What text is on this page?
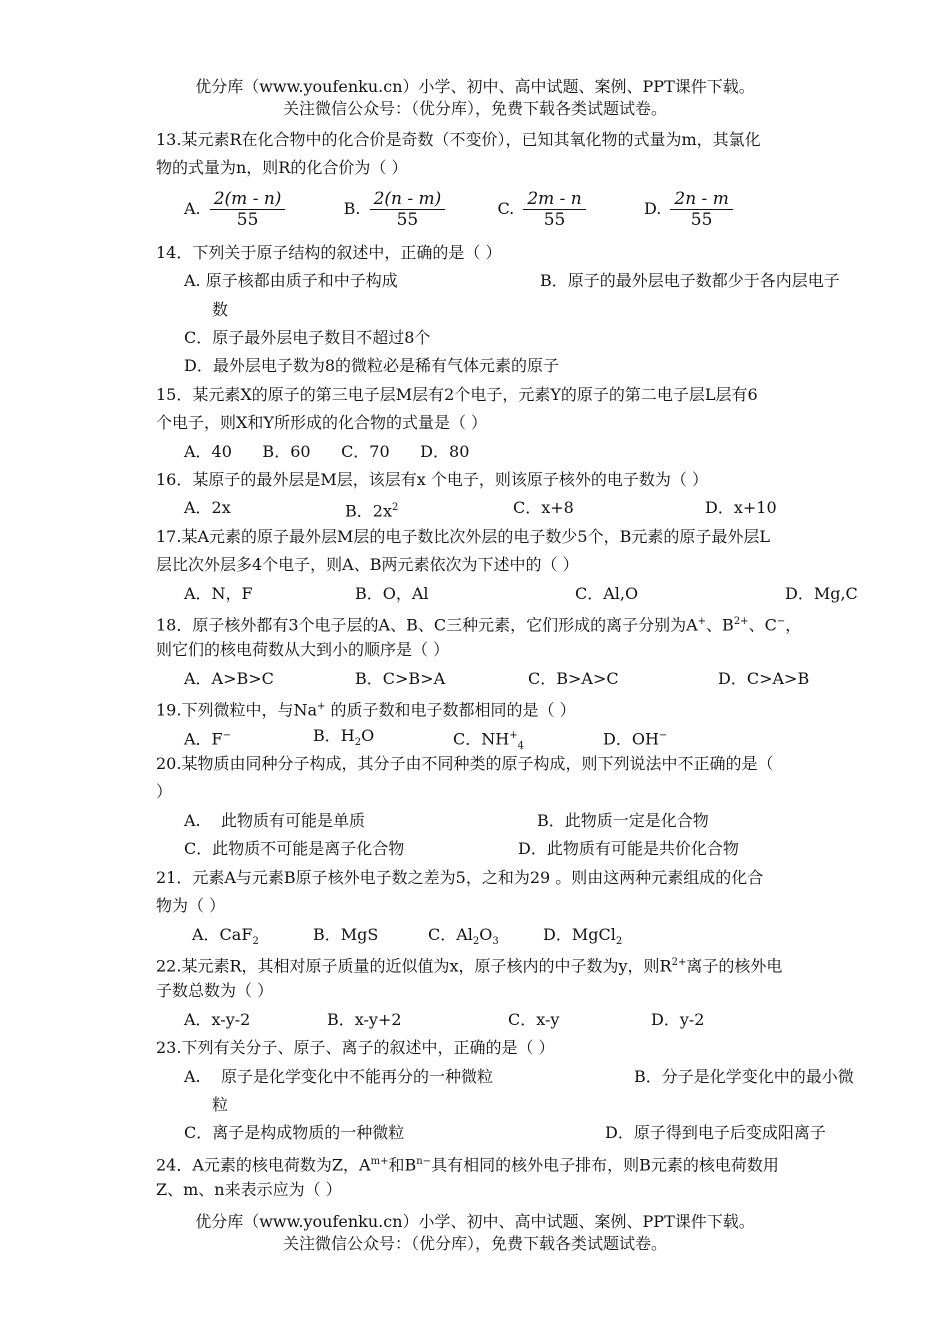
优分库（www.youfenku.cn）小学、初中、高中试题、案例、PPT课件下载。
关注微信公众号：（优分库），免费下载各类试题试卷。
13.某元素R在化合物中的化合价是奇数（不变价），已知其氧化物的式量为m，其氯化
物的式量为n，则R的化合价为（ ）
A. $\frac{2(m - n)}{55}$	B. $\frac{2(n - m)}{55}$	C. $\frac{2m - n}{55}$	D. $\frac{2n - m}{55}$
14．下列关于原子结构的叙述中，正确的是（ ）
A. 原子核都由质子和中子构成	B．原子的最外层电子数都少于各内层电子
数
C．原子最外层电子数目不超过8个
D．最外层电子数为8的微粒必是稀有气体元素的原子
15．某元素X的原子的第三电子层M层有2个电子，元素Y的原子的第二电子层L层有6
个电子，则X和Y所形成的化合物的式量是（ ）
A．40      B．60      C．70      D．80
16．某原子的最外层是M层，该层有x 个电子，则该原子核外的电子数为（ ）
A．2x	B．$2x^2$	C．x+8	D．x+10
17.某A元素的原子最外层M层的电子数比次外层的电子数少5个，B元素的原子最外层L
层比次外层多4个电子，则A、B两元素依次为下述中的（ ）
A．N，F	B．O，Al	C．Al,O	D．Mg,C
18．原子核外都有3个电子层的A、B、C三种元素，它们形成的离子分别为A+、$B^{2+}$、C−，
则它们的核电荷数从大到小的顺序是（ ）
A．A>B>C	B．C>B>A	C．B>A>C	D．C>A>B
19.下列微粒中，与Na+ 的质子数和电子数都相同的是（ ）
A．F−	B．$H_2O$	C．$NH^+_4$	D．OH−
20.某物质由同种分子构成，其分子由不同种类的原子构成，则下列说法中不正确的是（
）
A.    此物质有可能是单质	B．此物质一定是化合物
C．此物质不可能是离子化合物	D．此物质有可能是共价化合物
21．元素A与元素B原子核外电子数之差为5，之和为29 。则由这两种元素组成的化合
物为（ ）
A．CaF$_2$	B．MgS	C．$Al_2O_3$	D．MgCl$_2$
22.某元素R，其相对原子质量的近似值为x，原子核内的中子数为y，则$R^{2+}$离子的核外电
子数总数为（ ）
A．x-y-2	B．x-y+2	C．x-y	D．y-2
23.下列有关分子、原子、离子的叙述中，正确的是（ ）
A.    原子是化学变化中不能再分的一种微粒	B．分子是化学变化中的最小微
粒
C．离子是构成物质的一种微粒	D．原子得到电子后变成阳离子
24．A元素的核电荷数为Z，$A^{m+}$和$B^{n-}$具有相同的核外电子排布，则B元素的核电荷数用
Z、m、n来表示应为（ ）
优分库（www.youfenku.cn）小学、初中、高中试题、案例、PPT课件下载。
关注微信公众号：（优分库），免费下载各类试题试卷。
